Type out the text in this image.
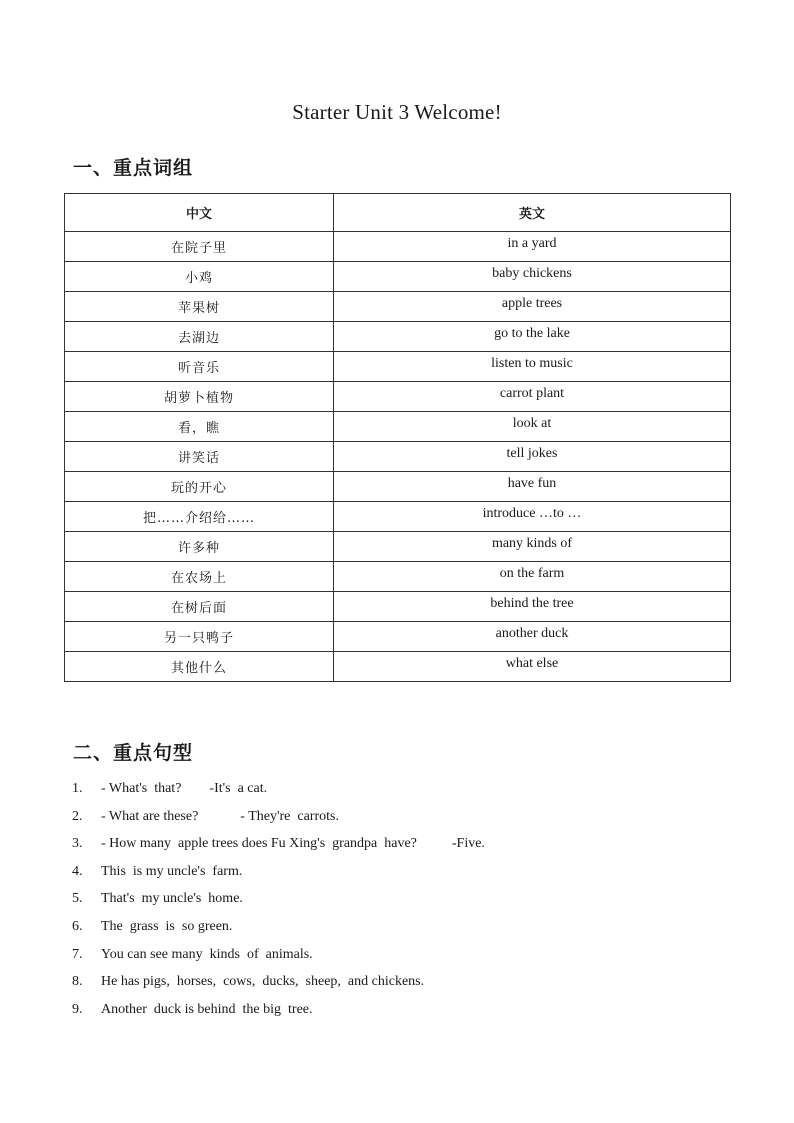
Starter Unit 3 Welcome!
一、重点词组
中文	英文
在院子里	in a yard
小鸡	baby chickens
苹果树	apple trees
去湖边	go to the lake
听音乐	listen to music
胡萝卜植物	carrot plant
看，瞧	look at
讲笑话	tell jokes
玩的开心	have fun
把……介绍给……	introduce …to …
许多种	many kinds of
在农场上	on the farm
在树后面	behind the tree
另一只鸭子	another duck
其他什么	what else
二、重点句型
1.	- What's  that?        -It's  a cat.
2.	- What are these?            - They're  carrots.
3.	- How many  apple trees does Fu Xing's  grandpa  have?          -Five.
4.	This  is my uncle's  farm.
5.	That's  my uncle's  home.
6.	The  grass  is  so green.
7.	You can see many  kinds  of  animals.
8.	He has pigs,  horses,  cows,  ducks,  sheep,  and chickens.
9.	Another  duck is behind  the big  tree.
